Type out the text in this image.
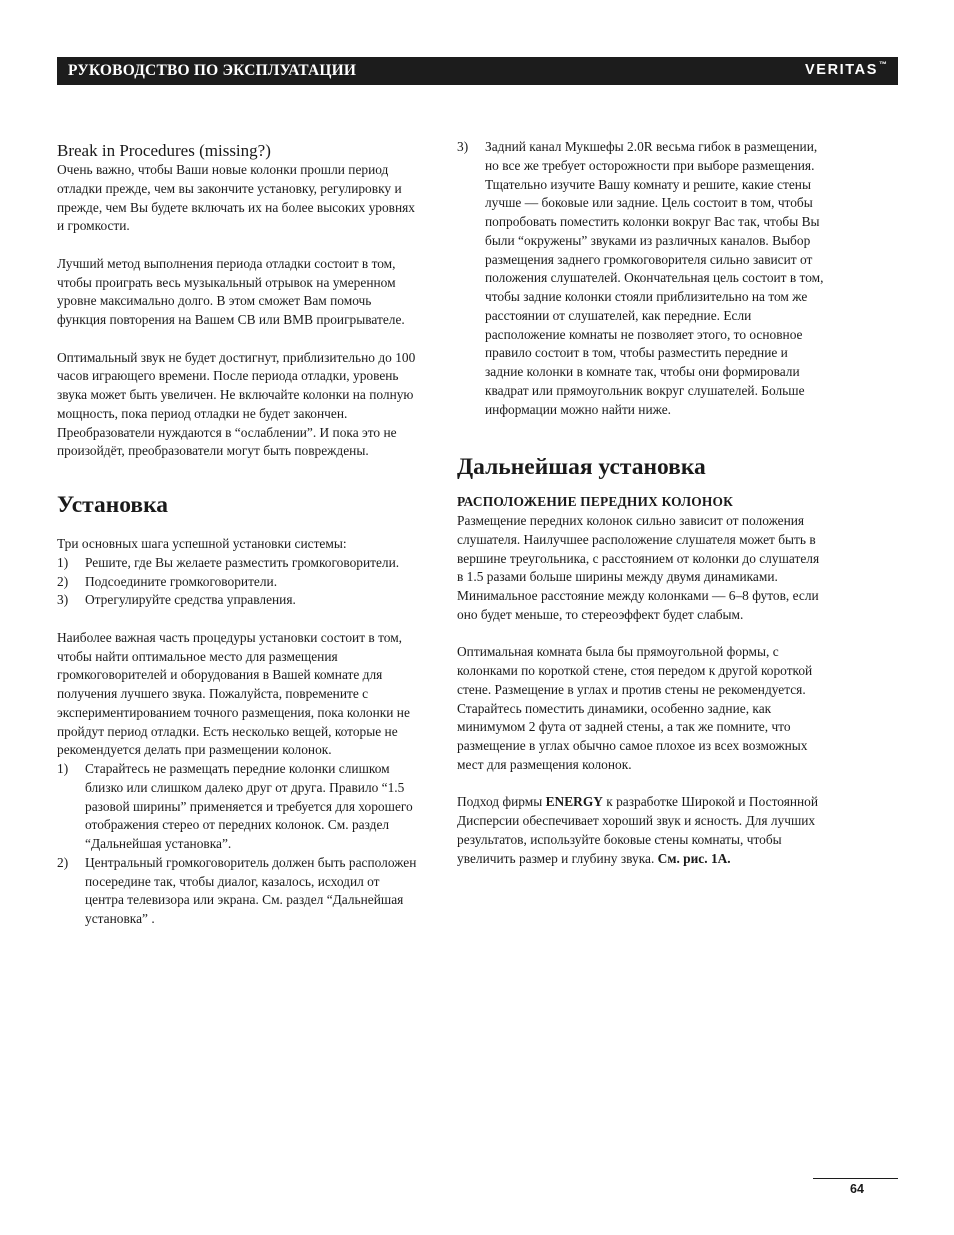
РУКОВОДСТВО ПО ЭКСПЛУАТАЦИИ	VERITAS™

Break in Procedures (missing?)

Очень важно, чтобы Ваши новые колонки прошли период отладки прежде, чем вы закончите установку, регулировку и прежде, чем Вы будете включать их на более высоких уровнях и громкости.

Лучший метод выполнения периода отладки состоит в том, чтобы проиграть весь музыкальный отрывок на умеренном уровне максимально долго. В этом сможет Вам помочь функция повторения на Вашем CB или BMB проигрывателе.

Оптимальный звук не будет достигнут, приблизительно до 100 часов играющего времени. После периода отладки, уровень звука может быть увеличен. Не включайте колонки на полную мощность, пока период отладки не будет закончен. Преобразователи нуждаются в “ослаблении”. И пока это не произойдёт, преобразователи могут быть повреждены.

Установка

Три основных шага успешной установки системы:

1) Решите, где Вы желаете разместить громкоговорители.
2) Подсоедините громкоговорители.
3) Отрегулируйте средства управления.

Наиболее важная часть процедуры установки состоит в том, чтобы найти оптимальное место для размещения громкоговорителей и оборудования в Вашей комнате для получения лучшего звука. Пожалуйста, повремените с экспериментированием точного размещения, пока колонки не пройдут период отладки. Есть несколько вещей, которые не рекомендуется делать при размещении колонок.

1) Старайтесь не размещать передние колонки слишком близко или слишком далеко друг от друга. Правило “1.5 разовой ширины” применяется и требуется для хорошего отображения стерео от передних колонок. См. раздел “Дальнейшая установка”.
2) Центральный громкоговоритель должен быть расположен посередине так, чтобы диалог, казалось, исходил от центра телевизора или экрана. См. раздел “Дальнейшая установка” .
3) Задний канал Мукшефы 2.0R весьма гибок в размещении, но все же требует осторожности при выборе размещения. Тщательно изучите Вашу комнату и решите, какие стены лучше — боковые или задние. Цель состоит в том, чтобы попробовать поместить колонки вокруг Вас так, чтобы Вы были “окружены” звуками из различных каналов. Выбор размещения заднего громкоговорителя сильно зависит от положения слушателей. Окончательная цель состоит в том, чтобы задние колонки стояли приблизительно на том же расстоянии от слушателей, как передние. Если расположение комнаты не позволяет этого, то основное правило состоит в том, чтобы разместить передние и задние колонки в комнате так, чтобы они формировали квадрат или прямоугольник вокруг слушателей. Больше информации можно найти ниже.
Дальнейшая установка

РАСПОЛОЖЕНИЕ ПЕРЕДНИХ КОЛОНОК

Размещение передних колонок сильно зависит от положения слушателя. Наилучшее расположение слушателя может быть в вершине треугольника, с расстоянием от колонки до слушателя в 1.5 разами больше ширины между двумя динамиками. Минимальное расстояние между колонками — 6–8 футов, если оно будет меньше, то стереоэффект будет слабым.

Оптимальная комната была бы прямоугольной формы, с колонками по короткой стене, стоя передом к другой короткой стене. Размещение в углах и против стены не рекомендуется. Старайтесь поместить динамики, особенно задние, как минимумом 2 фута от задней стены, а так же помните, что размещение в углах обычно самое плохое из всех возможных мест для размещения колонок.

Подход фирмы ENERGY к разработке Широкой и Постоянной Дисперсии обеспечивает хороший звук и ясность. Для лучших результатов, используйте боковые стены комнаты, чтобы увеличить размер и глубину звука. См. рис. 1A.

64
